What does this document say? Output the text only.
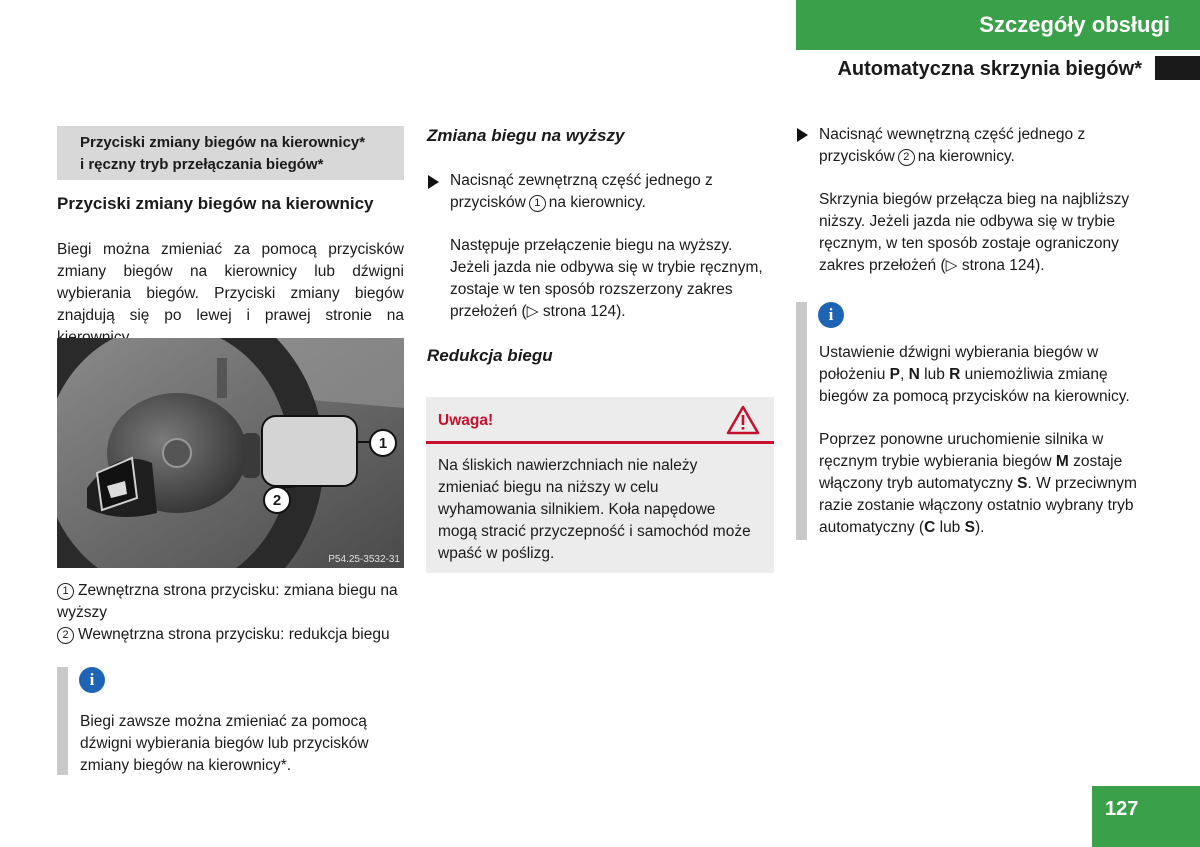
Szczegóły obsługi
Automatyczna skrzynia biegów*
Przyciski zmiany biegów na kierownicy*
i ręczny tryb przełączania biegów*
Przyciski zmiany biegów na kierownicy
Biegi można zmieniać za pomocą przycisków zmiany biegów na kierownicy lub dźwigni wybierania biegów. Przyciski zmiany biegów znajdują się po lewej i prawej stronie na
1
2
P54.25-3532-31
1 Zewnętrzna strona przycisku: zmiana biegu na wyższy
2 Wewnętrzna strona przycisku: redukcja biegu
i
Biegi zawsze można zmieniać za pomocą dźwigni wybierania biegów lub przycisków zmiany biegów na kierownicy*.
Zmiana biegu na wyższy
Nacisnąć zewnętrzną część jednego z przycisków 1 na kierownicy.
Następuje przełączenie biegu na wyższy. Jeżeli jazda nie odbywa się w trybie ręcznym, zostaje w ten sposób rozszerzony zakres przełożeń (▷ strona 124).
Redukcja biegu
Uwaga!
Na śliskich nawierzchniach nie należy zmieniać biegu na niższy w celu wyhamowania silnikiem. Koła napędowe mogą stracić przyczepność i samochód może wpaść w poślizg.
Nacisnąć wewnętrzną część jednego z przycisków 2 na kierownicy.
Skrzynia biegów przełącza bieg na najbliższy niższy. Jeżeli jazda nie odbywa się w trybie ręcznym, w ten sposób zostaje ograniczony zakres przełożeń (▷ strona 124).
i
Ustawienie dźwigni wybierania biegów w położeniu P, N lub R uniemożliwia zmianę biegów za pomocą przycisków na kierownicy.
Poprzez ponowne uruchomienie silnika w ręcznym trybie wybierania biegów M zostaje włączony tryb automatyczny S. W przeciwnym razie zostanie włączony ostatnio wybrany tryb automatyczny (C lub S).
127
